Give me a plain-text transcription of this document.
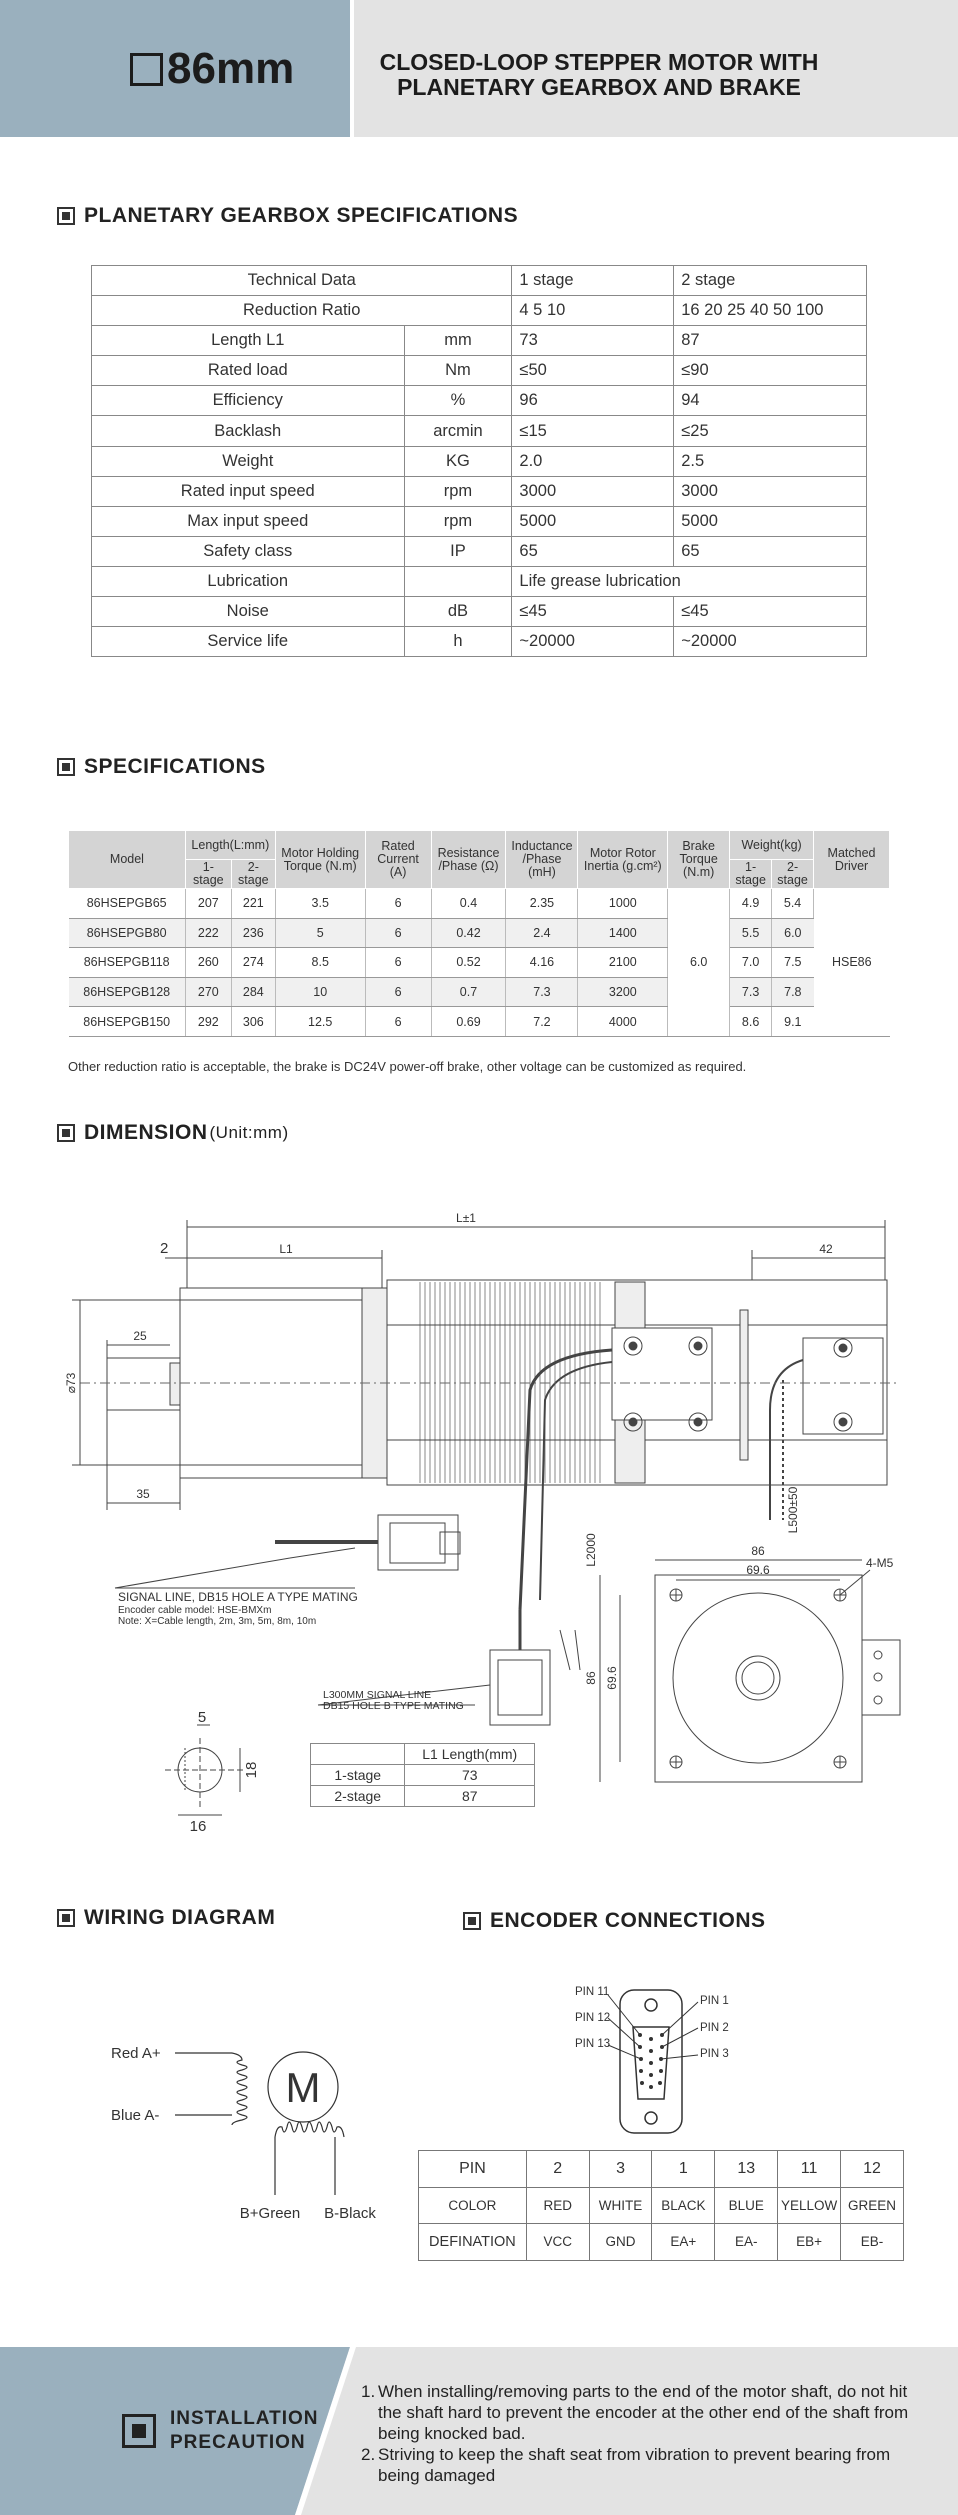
86mm	CLOSED-LOOP STEPPER MOTOR WITH
PLANETARY GEARBOX AND BRAKE
PLANETARY GEARBOX SPECIFICATIONS
Technical Data		1 stage	2 stage
Reduction Ratio		4 5 10	16 20 25 40 50 100
Length L1	mm	73	87
Rated load	Nm	≤50	≤90
Efficiency	%	96	94
Backlash	arcmin	≤15	≤25
Weight	KG	2.0	2.5
Rated input speed	rpm	3000	3000
Max input speed	rpm	5000	5000
Safety class	IP	65	65
Lubrication		Life grease lubrication	
Noise	dB	≤45	≤45
Service life	h	~20000	~20000
SPECIFICATIONS
Model	Length(L:mm)		Motor Holding Torque (N.m)	Rated Current (A)	Resistance /Phase (Ω)	Inductance /Phase (mH)	Motor Rotor Inertia (g.cm²)	Brake Torque (N.m)	Weight(kg)		Matched Driver
	1-stage	2-stage							1-stage	2-stage	
86HSEPGB65	207	221	3.5	6	0.4	2.35	1000	6.0	4.9	5.4	HSE86
86HSEPGB80	222	236	5	6	0.42	2.4	1400		5.5	6.0	
86HSEPGB118	260	274	8.5	6	0.52	4.16	2100		7.0	7.5	
86HSEPGB128	270	284	10	6	0.7	7.3	3200		7.3	7.8	
86HSEPGB150	292	306	12.5	6	0.69	7.2	4000		8.6	9.1	
Other reduction ratio is acceptable, the brake is DC24V power-off brake, other voltage can be customized as required.
DIMENSION (Unit:mm)
L±1
L1
2	42
25
⌀73
35	L500±50
L2000
SIGNAL LINE, DB15 HOLE A TYPE MATING
Encoder cable model: HSE-BMXm
Note: X=Cable length, 2m, 3m, 5m, 8m, 10m
L300MM SIGNAL LINE
DB15 HOLE B TYPE MATING
86
69.6	4-M5
86 69.6
5
18
16
	L1 Length(mm)
1-stage	73
2-stage	87
WIRING DIAGRAM
Red A+
Blue A-
M
B+Green B-Black
ENCODER CONNECTIONS
PIN 11
PIN 12
PIN 13
PIN 1
PIN 2
PIN 3
PIN	2	3	1	13	11	12
COLOR	RED	WHITE	BLACK	BLUE	YELLOW	GREEN
DEFINATION	VCC	GND	EA+	EA-	EB+	EB-
INSTALLATION
PRECAUTION
1. When installing/removing parts to the end of the motor shaft, do not hit the shaft hard to prevent the encoder at the other end of the shaft from being knocked bad.
2. Striving to keep the shaft seat from vibration to prevent bearing from being damaged
